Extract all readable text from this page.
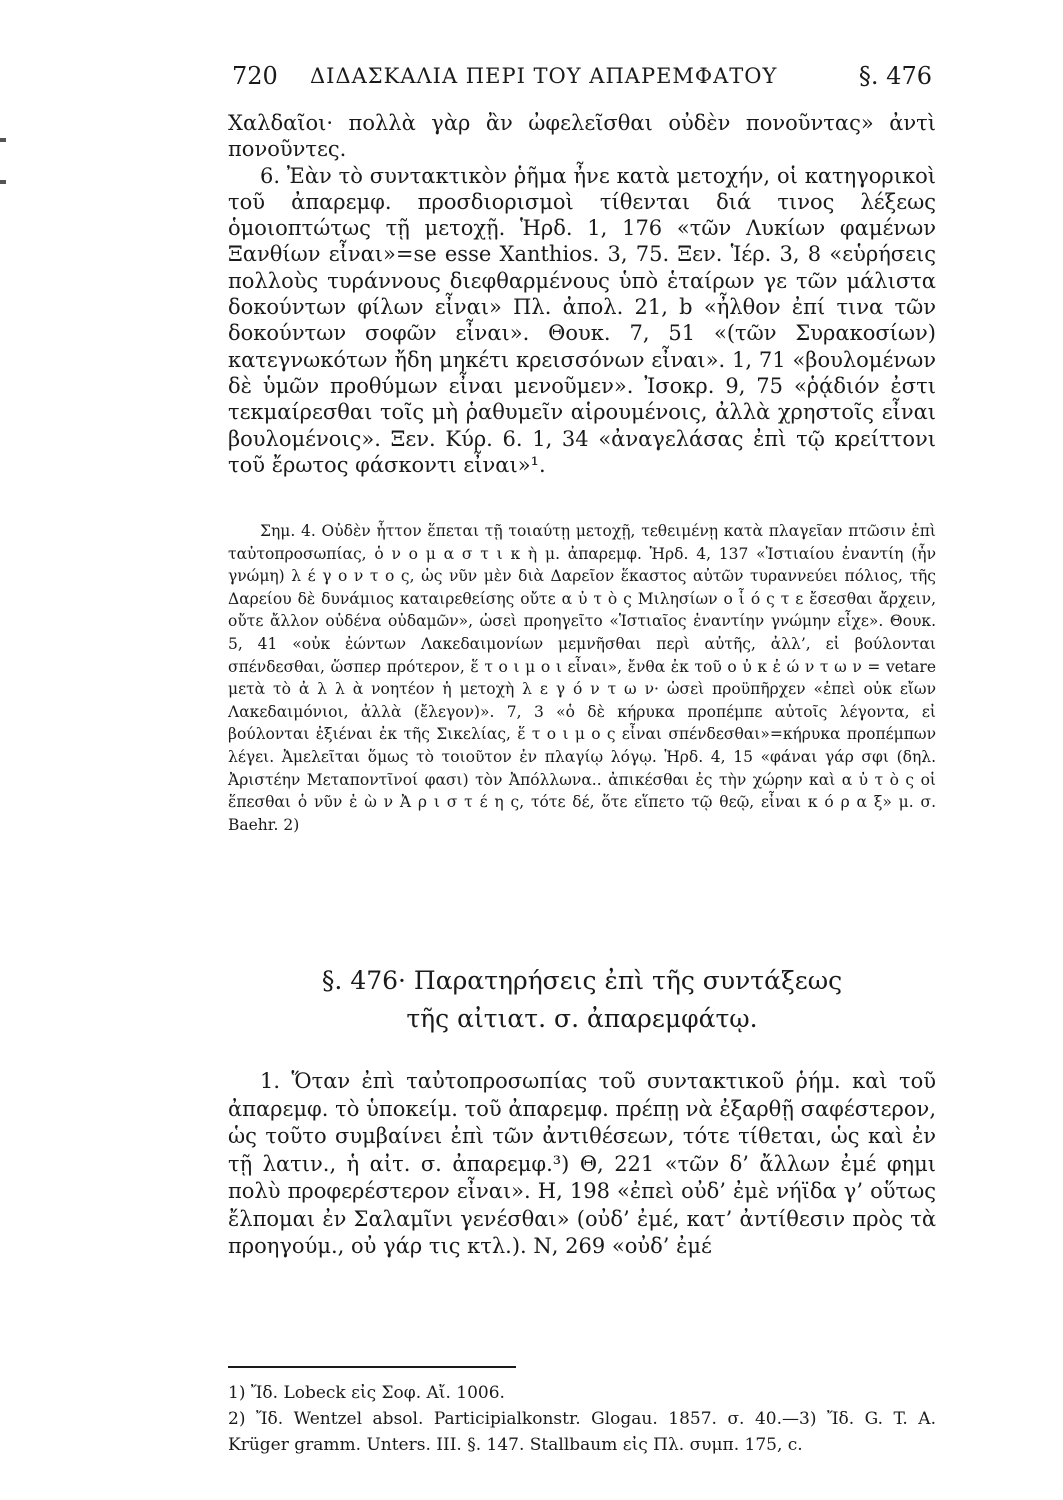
720 ΔΙΔΑΣΚΑΛΙΑ ΠΕΡΙ ΤΟΥ ΑΠΑΡΕΜΦΑΤΟΥ	§. 476

Χαλδαῖοι· πολλὰ γὰρ ἂν ὠφελεῖσθαι οὐδὲν πονοῦντας» ἀντὶ πονοῦντες.

6. Ἐὰν τὸ συντακτικὸν ῥῆμα ἦνε κατὰ μετοχήν, οἱ κατηγορικοὶ τοῦ ἀπαρεμφ. προσδιορισμοὶ τίθενται διά τινος λέξεως ὁμοιοπτώτως τῇ μετοχῇ. Ἡρδ. 1, 176 «τῶν Λυκίων φαμένων Ξανθίων εἶναι»=se esse Xanthios. 3, 75. Ξεν. Ἱέρ. 3, 8 «εὑρήσεις πολλοὺς τυράννους διεφθαρμένους ὑπὸ ἑταίρων γε τῶν μάλιστα δοκούντων φίλων εἶναι» Πλ. ἀπολ. 21, b «ἦλθον ἐπί τινα τῶν δοκούντων σοφῶν εἶναι». Θουκ. 7, 51 «(τῶν Συρακοσίων) κατεγνωκότων ἤδη μηκέτι κρεισσόνων εἶναι». 1, 71 «βουλομένων δὲ ὑμῶν προθύμων εἶναι μενοῦμεν». Ἰσοκρ. 9, 75 «ῥᾴδιόν ἐστι τεκμαίρεσθαι τοῖς μὴ ῥαθυμεῖν αἱρουμένοις, ἀλλὰ χρηστοῖς εἶναι βουλομένοις». Ξεν. Κύρ. 6. 1, 34 «ἀναγελάσας ἐπὶ τῷ κρείττονι τοῦ ἔρωτος φάσκοντι εἶναι»¹.

Σημ. 4. Οὐδὲν ἧττον ἕπεται τῇ τοιαύτῃ μετοχῇ, τεθειμένῃ κατὰ πλαγεῖαν πτῶσιν ἐπὶ ταὐτοπροσωπίας, ὁ ν ο μ α σ τ ι κ ὴ μ. ἀπαρεμφ. Ἡρδ. 4, 137 «Ἱστιαίου ἐναντίη (ἦν γνώμη) λ έ γ ο ν τ ο ς, ὡς νῦν μὲν διὰ Δαρεῖον ἕκαστος αὐτῶν τυραννεύει πόλιος, τῆς Δαρείου δὲ δυνάμιος καταιρεθείσης οὔτε α ὐ τ ὸ ς Μιλησίων ο ἷ ό ς τ ε ἔσεσθαι ἄρχειν, οὔτε ἄλλον οὐδένα οὐδαμῶν», ὡσεὶ προηγεῖτο «Ἱστιαῖος ἐναντίην γνώμην εἶχε». Θουκ. 5, 41 «οὐκ ἐώντων Λακεδαιμονίων μεμνῆσθαι περὶ αὐτῆς, ἀλλ’, εἰ βούλονται σπένδεσθαι, ὥσπερ πρότερον, ἕ τ ο ι μ ο ι εἶναι», ἔνθα ἐκ τοῦ ο ὐ κ ἐ ώ ν τ ω ν = vetare μετὰ τὸ ἀ λ λ ὰ νοητέον ἡ μετοχὴ λ ε γ ό ν τ ω ν· ὡσεὶ προϋπῆρχεν «ἐπεὶ οὐκ εἴων Λακεδαιμόνιοι, ἀλλὰ (ἔλεγον)». 7, 3 «ὁ δὲ κήρυκα προπέμπε αὐτοῖς λέγοντα, εἰ βούλονται ἐξιέναι ἐκ τῆς Σικελίας, ἕ τ ο ι μ ο ς εἶναι σπένδεσθαι»=κήρυκα προπέμπων λέγει. Ἀμελεῖται ὅμως τὸ τοιοῦτον ἐν πλαγίῳ λόγῳ. Ἡρδ. 4, 15 «φάναι γάρ σφι (δηλ. Ἀριστέην Μεταποντῖνοί φασι) τὸν Ἀπόλλωνα.. ἀπικέσθαι ἐς τὴν χώρην καὶ α ὐ τ ὸ ς οἱ ἕπεσθαι ὁ νῦν ἐ ὼ ν Ἀ ρ ι σ τ έ η ς, τότε δέ, ὅτε εἵπετο τῷ θεῷ, εἶναι κ ό ρ α ξ» μ. σ. Baehr. 2)

§. 476· Παρατηρήσεις ἐπὶ τῆς συντάξεως
τῆς αἰτιατ. σ. ἀπαρεμφάτῳ.

1. Ὅταν ἐπὶ ταὐτοπροσωπίας τοῦ συντακτικοῦ ῥήμ. καὶ τοῦ ἀπαρεμφ. τὸ ὑποκείμ. τοῦ ἀπαρεμφ. πρέπῃ νὰ ἐξαρθῇ σαφέστερον, ὡς τοῦτο συμβαίνει ἐπὶ τῶν ἀντιθέσεων, τότε τίθεται, ὡς καὶ ἐν τῇ λατιν., ἡ αἰτ. σ. ἀπαρεμφ.³) Θ, 221 «τῶν δ’ ἄλλων ἐμέ φημι πολὺ προφερέστερον εἶναι». Η, 198 «ἐπεὶ οὐδ’ ἐμὲ νήϊδα γ’ οὕτως ἔλπομαι ἐν Σαλαμῖνι γενέσθαι» (οὐδ’ ἐμέ, κατ’ ἀντίθεσιν πρὸς τὰ προηγούμ., οὐ γάρ τις κτλ.). Ν, 269 «οὐδ’ ἐμέ

1) Ἴδ. Lobeck εἰς Σοφ. Αἴ. 1006.

2) Ἴδ. Wentzel absol. Participialkonstr. Glogau. 1857. σ. 40.—3) Ἴδ. G. T. A. Krüger gramm. Unters. III. §. 147. Stallbaum εἰς Πλ. συμπ. 175, c.
